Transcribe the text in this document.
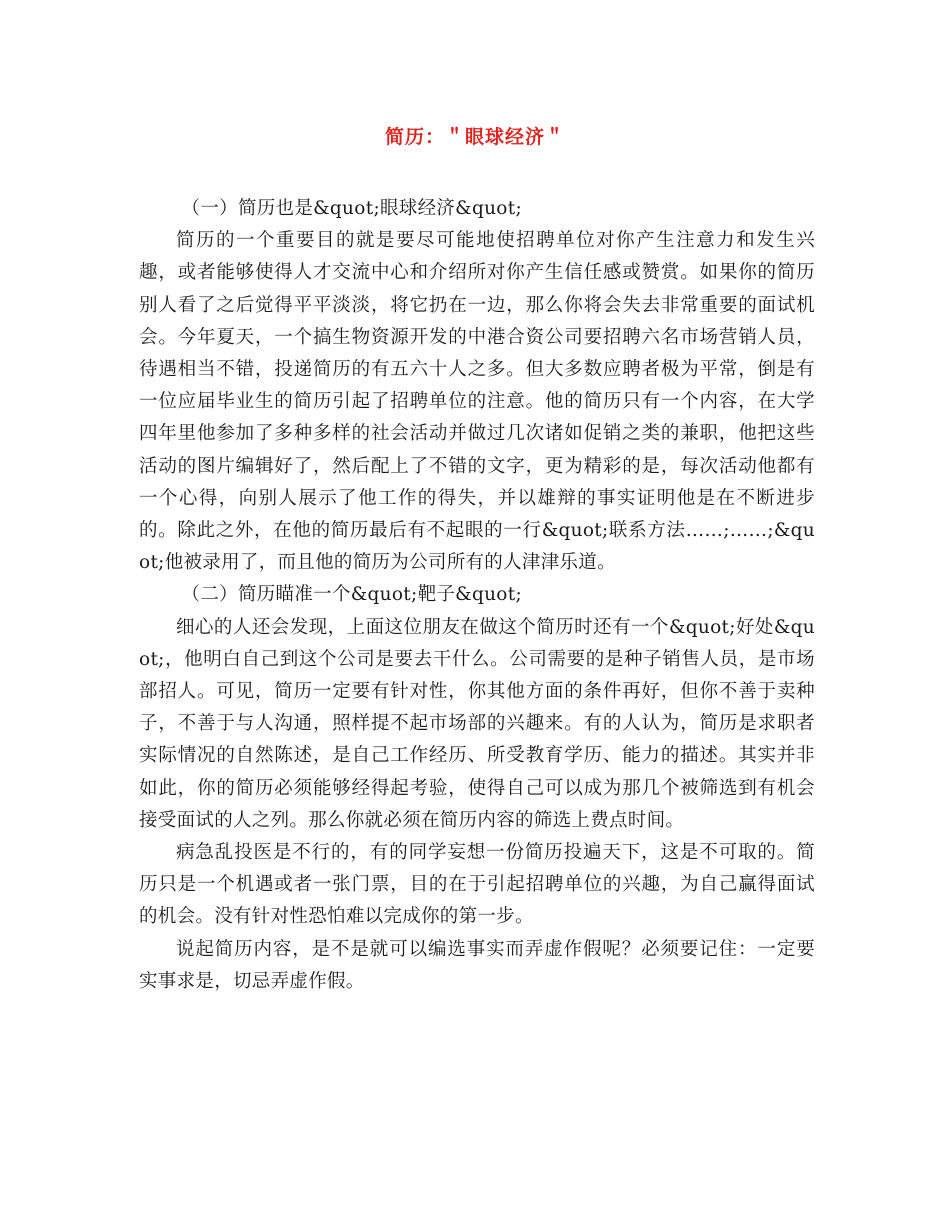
简历：＂眼球经济＂

（一）简历也是&quot;眼球经济&quot;

简历的一个重要目的就是要尽可能地使招聘单位对你产生注意力和发生兴趣，或者能够使得人才交流中心和介绍所对你产生信任感或赞赏。如果你的简历别人看了之后觉得平平淡淡，将它扔在一边，那么你将会失去非常重要的面试机会。今年夏天，一个搞生物资源开发的中港合资公司要招聘六名市场营销人员，待遇相当不错，投递简历的有五六十人之多。但大多数应聘者极为平常，倒是有一位应届毕业生的简历引起了招聘单位的注意。他的简历只有一个内容，在大学四年里他参加了多种多样的社会活动并做过几次诸如促销之类的兼职，他把这些活动的图片编辑好了，然后配上了不错的文字，更为精彩的是，每次活动他都有一个心得，向别人展示了他工作的得失，并以雄辩的事实证明他是在不断进步的。除此之外，在他的简历最后有不起眼的一行&quot;联系方法……;……;&quot;他被录用了，而且他的简历为公司所有的人津津乐道。

（二）简历瞄准一个&quot;靶子&quot;

细心的人还会发现，上面这位朋友在做这个简历时还有一个&quot;好处&quot;，他明白自己到这个公司是要去干什么。公司需要的是种子销售人员，是市场部招人。可见，简历一定要有针对性，你其他方面的条件再好，但你不善于卖种子，不善于与人沟通，照样提不起市场部的兴趣来。有的人认为，简历是求职者实际情况的自然陈述，是自己工作经历、所受教育学历、能力的描述。其实并非如此，你的简历必须能够经得起考验，使得自己可以成为那几个被筛选到有机会接受面试的人之列。那么你就必须在简历内容的筛选上费点时间。

病急乱投医是不行的，有的同学妄想一份简历投遍天下，这是不可取的。简历只是一个机遇或者一张门票，目的在于引起招聘单位的兴趣，为自己赢得面试的机会。没有针对性恐怕难以完成你的第一步。

说起简历内容，是不是就可以编选事实而弄虚作假呢？必须要记住：一定要实事求是，切忌弄虚作假。
